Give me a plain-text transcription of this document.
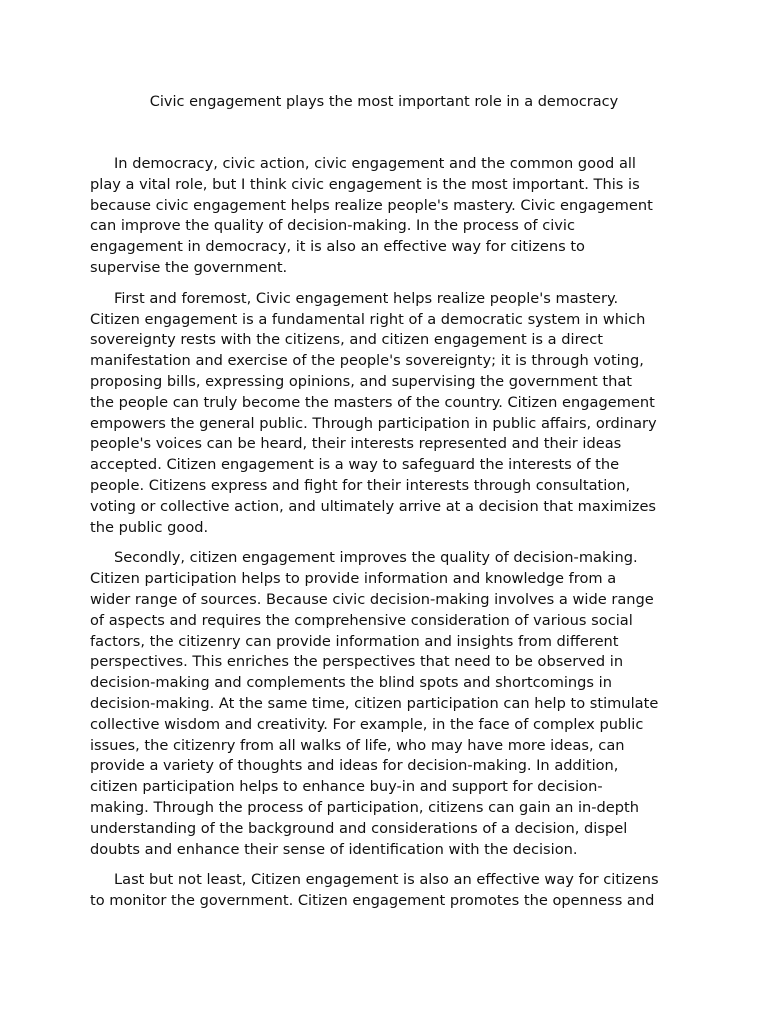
Civic engagement plays the most important role in a democracy

In democracy, civic action, civic engagement and the common good all
play a vital role, but I think civic engagement is the most important. This is
because civic engagement helps realize people's mastery. Civic engagement
can improve the quality of decision-making. In the process of civic
engagement in democracy, it is also an effective way for citizens to
supervise the government.

First and foremost, Civic engagement helps realize people's mastery.
Citizen engagement is a fundamental right of a democratic system in which
sovereignty rests with the citizens, and citizen engagement is a direct
manifestation and exercise of the people's sovereignty; it is through voting,
proposing bills, expressing opinions, and supervising the government that
the people can truly become the masters of the country. Citizen engagement
empowers the general public. Through participation in public affairs, ordinary
people's voices can be heard, their interests represented and their ideas
accepted. Citizen engagement is a way to safeguard the interests of the
people. Citizens express and fight for their interests through consultation,
voting or collective action, and ultimately arrive at a decision that maximizes
the public good.

Secondly, citizen engagement improves the quality of decision-making.
Citizen participation helps to provide information and knowledge from a
wider range of sources. Because civic decision-making involves a wide range
of aspects and requires the comprehensive consideration of various social
factors, the citizenry can provide information and insights from different
perspectives. This enriches the perspectives that need to be observed in
decision-making and complements the blind spots and shortcomings in
decision-making. At the same time, citizen participation can help to stimulate
collective wisdom and creativity. For example, in the face of complex public
issues, the citizenry from all walks of life, who may have more ideas, can
provide a variety of thoughts and ideas for decision-making. In addition,
citizen participation helps to enhance buy-in and support for decision-
making. Through the process of participation, citizens can gain an in-depth
understanding of the background and considerations of a decision, dispel
doubts and enhance their sense of identification with the decision.

Last but not least, Citizen engagement is also an effective way for citizens
to monitor the government. Citizen engagement promotes the openness and
